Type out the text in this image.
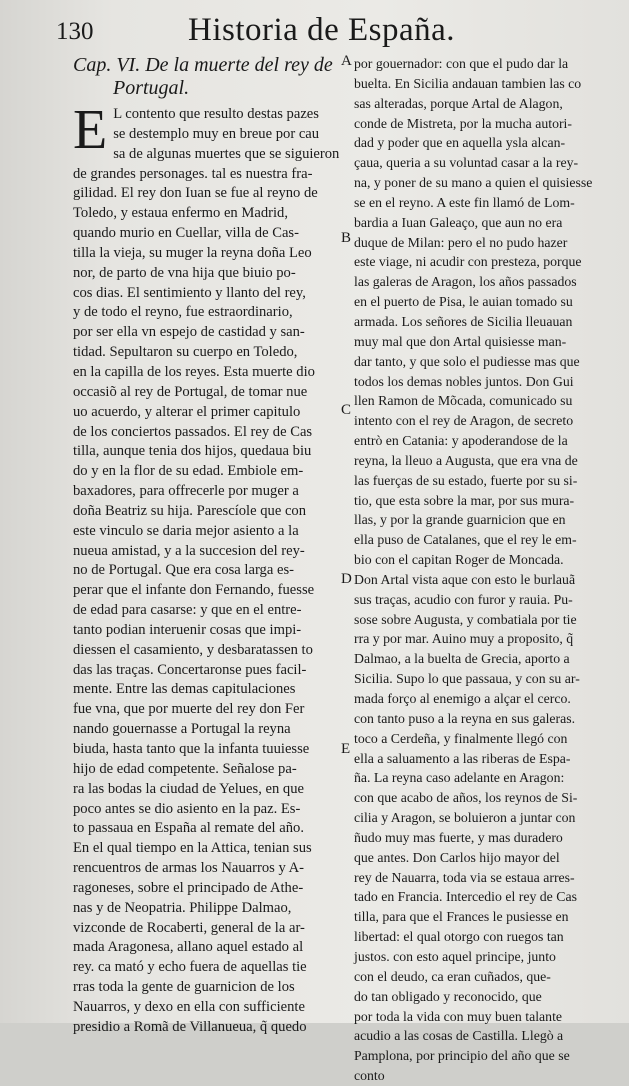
130	Historia de España.
A
B
C
D
E
Cap. VI. De la muerte del rey de
Portugal.
E L contento que resulto destas pazes
se destemplo muy en breue por cau
sa de algunas muertes que se siguieron
de grandes personages. tal es nuestra fra-
gilidad. El rey don Iuan se fue al reyno de
Toledo, y estaua enfermo en Madrid,
quando murio en Cuellar, villa de Cas-
tilla la vieja, su muger la reyna doña Leo
nor, de parto de vna hija que biuio po-
cos dias. El sentimiento y llanto del rey,
y de todo el reyno, fue estraordinario,
por ser ella vn espejo de castidad y san-
tidad. Sepultaron su cuerpo en Toledo,
en la capilla de los reyes. Esta muerte dio
occasiõ al rey de Portugal, de tomar nue
uo acuerdo, y alterar el primer capitulo
de los conciertos passados. El rey de Cas
tilla, aunque tenia dos hijos, quedaua biu
do y en la flor de su edad. Embiole em-
baxadores, para offrecerle por muger a
doña Beatriz su hija. Parescíole que con
este vinculo se daria mejor asiento a la
nueua amistad, y a la succesion del rey-
no de Portugal. Que era cosa larga es-
perar que el infante don Fernando, fuesse
de edad para casarse: y que en el entre-
tanto podian interuenir cosas que impi-
diessen el casamiento, y desbaratassen to
das las traças. Concertaronse pues facil-
mente. Entre las demas capitulaciones
fue vna, que por muerte del rey don Fer
nando gouernasse a Portugal la reyna
biuda, hasta tanto que la infanta tuuiesse
hijo de edad competente. Señalose pa-
ra las bodas la ciudad de Yelues, en que
poco antes se dio asiento en la paz. Es-
to passaua en España al remate del año.
En el qual tiempo en la Attica, tenian sus
rencuentros de armas los Nauarros y A-
ragoneses, sobre el principado de Athe-
nas y de Neopatria. Philippe Dalmao,
vizconde de Rocaberti, general de la ar-
mada Aragonesa, allano aquel estado al
rey. ca mató y echo fuera de aquellas tie
rras toda la gente de guarnicion de los
Nauarros, y dexo en ella con sufficiente
presidio a Romã de Villanueua, q̃ quedo
por gouernador: con que el pudo dar la
buelta. En Sicilia andauan tambien las co
sas alteradas, porque Artal de Alagon,
conde de Mistreta, por la mucha autori-
dad y poder que en aquella ysla alcan-
çaua, queria a su voluntad casar a la rey-
na, y poner de su mano a quien el quisiesse
se en el reyno. A este fin llamó de Lom-
bardia a Iuan Galeaço, que aun no era
duque de Milan: pero el no pudo hazer
este viage, ni acudir con presteza, porque
las galeras de Aragon, los años passados
en el puerto de Pisa, le auian tomado su
armada. Los señores de Sicilia lleuauan
muy mal que don Artal quisiesse man-
dar tanto, y que solo el pudiesse mas que
todos los demas nobles juntos. Don Gui
llen Ramon de Mõcada, comunicado su
intento con el rey de Aragon, de secreto
entrò en Catania: y apoderandose de la
reyna, la lleuo a Augusta, que era vna de
las fuerças de su estado, fuerte por su si-
tio, que esta sobre la mar, por sus mura-
llas, y por la grande guarnicion que en
ella puso de Catalanes, que el rey le em-
bio con el capitan Roger de Moncada.
Don Artal vista aque con esto le burlauã
sus traças, acudio con furor y rauia. Pu-
sose sobre Augusta, y combatiala por tie
rra y por mar. Auino muy a proposito, q̃
Dalmao, a la buelta de Grecia, aporto a
Sicilia. Supo lo que passaua, y con su ar-
mada forço al enemigo a alçar el cerco.
con tanto puso a la reyna en sus galeras.
toco a Cerdeña, y finalmente llegó con
ella a saluamento a las riberas de Espa-
ña. La reyna caso adelante en Aragon:
con que acabo de años, los reynos de Si-
cilia y Aragon, se boluieron a juntar con
ñudo muy mas fuerte, y mas duradero
que antes. Don Carlos hijo mayor del
rey de Nauarra, toda via se estaua arres-
tado en Francia. Intercedio el rey de Cas
tilla, para que el Frances le pusiesse en
libertad: el qual otorgo con ruegos tan
justos. con esto aquel principe, junto
con el deudo, ca eran cuñados, que-
do tan obligado y reconocido, que
por toda la vida con muy buen talante
acudio a las cosas de Castilla. Llegò a
Pamplona, por principio del año que se
conto
